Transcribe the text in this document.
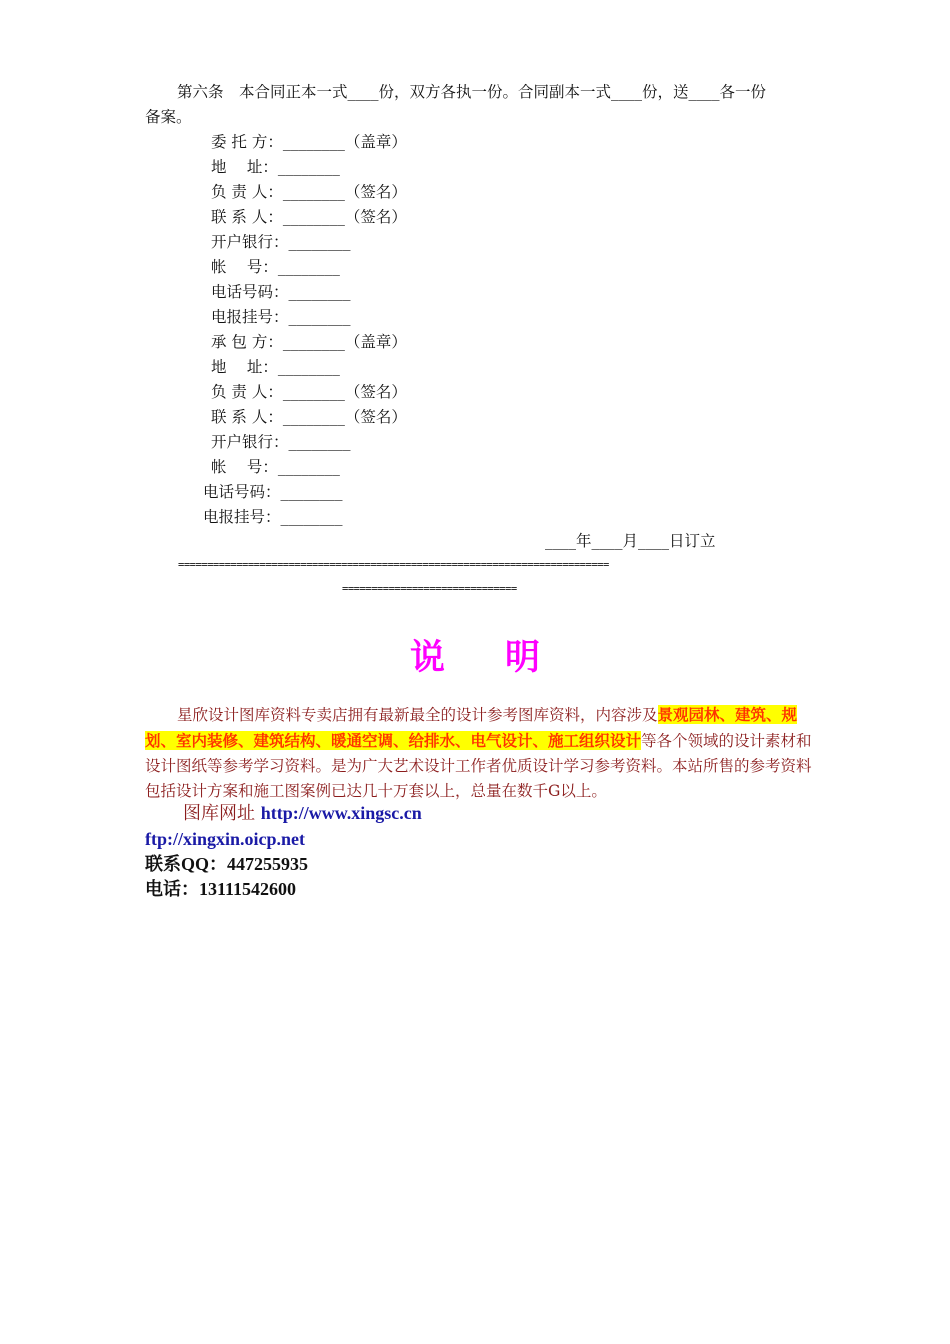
第六条　本合同正本一式____份，双方各执一份。合同副本一式____份，送____各一份
备案。
委 托 方：________（盖章）
地　 址：________
负 责 人：________（签名）
联 系 人：________（签名）
开户银行：________
帐　 号：________
电话号码：________
电报挂号：________
承 包 方：________（盖章）
地　 址：________
负 责 人：________（签名）
联 系 人：________（签名）
开户银行：________
帐　 号：________
电话号码：________
电报挂号：________
____年____月____日订立
==========================================================================
==============================
说明
星欣设计图库资料专卖店拥有最新最全的设计参考图库资料，内容涉及景观园林、建筑、规划、室内装修、建筑结构、暖通空调、给排水、电气设计、施工组织设计等各个领域的设计素材和设计图纸等参考学习资料。是为广大艺术设计工作者优质设计学习参考资料。本站所售的参考资料包括设计方案和施工图案例已达几十万套以上，总量在数千G以上。
图库网址 http://www.xingsc.cn
ftp://xingxin.oicp.net
联系QQ：447255935
电话：13111542600
